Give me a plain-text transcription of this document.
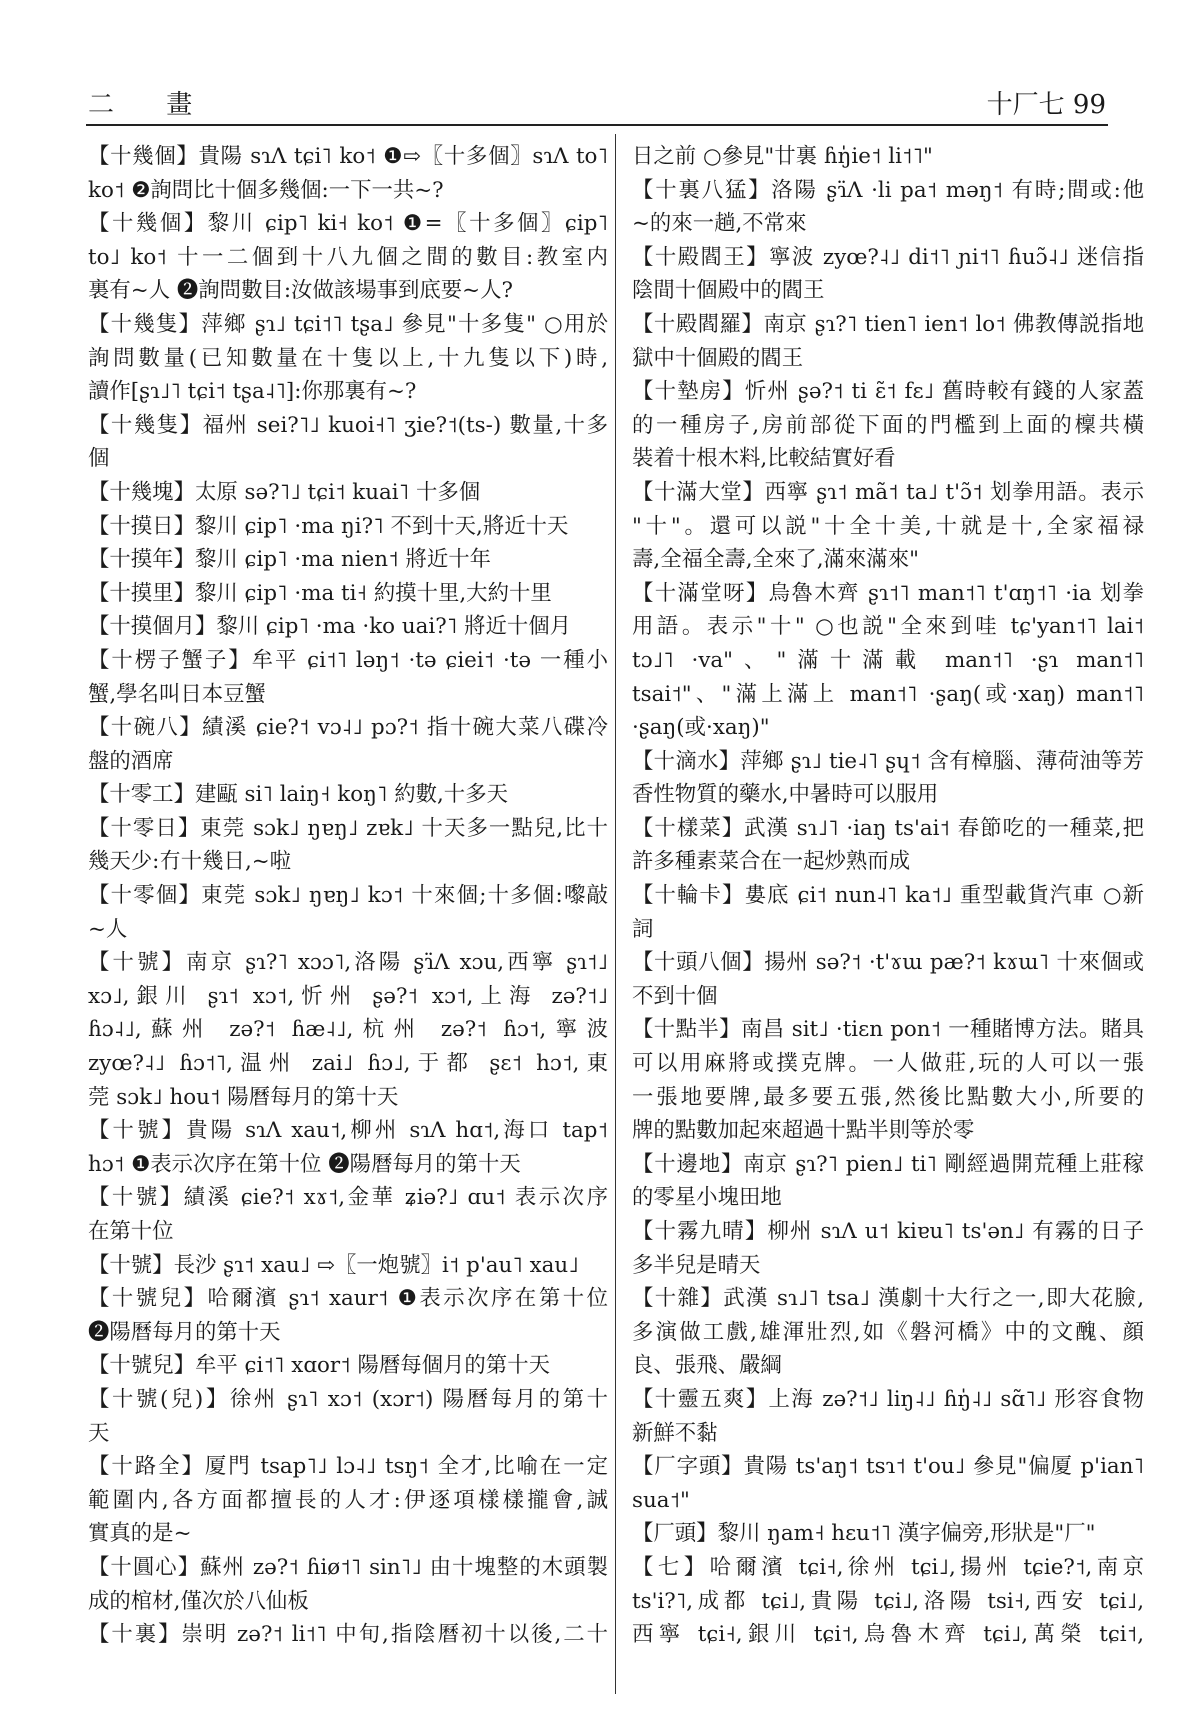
二 畫	十厂七 99
【十幾個】貴陽 sɿɅ tɕi˥ ko˦ ❶⇨〖十多個〗sɿɅ to˥
ko˦ ❷詢問比十個多幾個:一下一共~?
【十幾個】黎川 ɕip˥ ki˧ ko˦ ❶=〖十多個〗ɕip˥
to˩ ko˦ 十一二個到十八九個之間的數目:教室内
裏有~人 ❷詢問數目:汝做該場事到底要~人?
【十幾隻】萍鄉 ʂɿ˩ tɕi˦˥ tʂa˩ 參見"十多隻" ○用於
詢問數量(已知數量在十隻以上,十九隻以下)時,
讀作[ʂɿ˩˥ tɕi˦ tʂa˨˥]:你那裏有~?
【十幾隻】福州 sei?˥˩ kuoi˧˥ ʒie?˦(ts-) 數量,十多
個
【十幾塊】太原 sə?˥˩ tɕi˦ kuai˥ 十多個
【十摸日】黎川 ɕip˥ ·ma ŋi?˥ 不到十天,將近十天
【十摸年】黎川 ɕip˥ ·ma nien˦ 將近十年
【十摸里】黎川 ɕip˥ ·ma ti˧ 約摸十里,大約十里
【十摸個月】黎川 ɕip˥ ·ma ·ko uai?˥ 將近十個月
【十楞子蟹子】牟平 ɕi˦˥ ləŋ˦ ·tə ɕiei˦ ·tə 一種小
蟹,學名叫日本豆蟹
【十碗八】績溪 ɕie?˦ vɔ˨˩ pɔ?˦ 指十碗大菜八碟冷
盤的酒席
【十零工】建甌 si˥ laiŋ˧ koŋ˥ 約數,十多天
【十零日】東莞 sɔk˩ ŋɐŋ˩ zɐk˩ 十天多一點兒,比十
幾天少:冇十幾日,~啦
【十零個】東莞 sɔk˩ ŋɐŋ˩ kɔ˦ 十來個;十多個:嚟敲
~人
【十號】南京 ʂɿ?˥ xɔɔ˥,洛陽 ʂɿ̈Ʌ xɔu,西寧 ʂɿ˦˩
xɔ˩,銀川 ʂɿ˦ xɔ˦,忻州 ʂə?˦ xɔ˦,上海 zə?˦˩
ɦɔ˨˩,蘇州 zə?˦ ɦæ˨˩,杭州 zə?˦ ɦɔ˦,寧波
zyœ?˨˩ ɦɔ˦˥,温州 zai˩ ɦɔ˩,于都 ʂɛ˦ hɔ˦,東
莞 sɔk˩ hou˦ 陽曆每月的第十天
【十號】貴陽 sɿɅ xau˦,柳州 sɿɅ hɑ˦,海口 tap˦
hɔ˦ ❶表示次序在第十位 ❷陽曆每月的第十天
【十號】績溪 ɕie?˦ xɤ˦,金華 ʑiə?˩ ɑu˦ 表示次序
在第十位
【十號】長沙 ʂɿ˦ xau˩ ⇨〖一炮號〗i˦ p'au˥ xau˩
【十號兒】哈爾濱 ʂɿ˦ xaur˦ ❶表示次序在第十位
❷陽曆每月的第十天
【十號兒】牟平 ɕi˦˥ xɑor˦ 陽曆每個月的第十天
【十號(兒)】徐州 ʂɿ˥ xɔ˦ (xɔr˦) 陽曆每月的第十
天
【十路全】厦門 tsap˥˩ lɔ˨˩ tsŋ˦ 全才,比喻在一定
範圍内,各方面都擅長的人才:伊逐項樣樣攏會,誠
實真的是~
【十圓心】蘇州 zə?˦ ɦiø˦˥ sin˥˩ 由十塊整的木頭製
成的棺材,僅次於八仙板
【十裏】崇明 zə?˦ li˦˥ 中旬,指陰曆初十以後,二十
日之前 ○參見"廿裏 ɦŋ̍ie˦ li˦˥"
【十裏八猛】洛陽 ʂɿ̈Ʌ ·li pa˦ məŋ˦ 有時;間或:他
~的來一趟,不常來
【十殿閻王】寧波 zyœ?˨˩ di˦˥ ɲi˦˥ ɦuɔ̃˨˩ 迷信指
陰間十個殿中的閻王
【十殿閻羅】南京 ʂɿ?˥ tien˥ ien˦ lo˦ 佛教傳説指地
獄中十個殿的閻王
【十墊房】忻州 ʂə?˦ ti ɛ̃˦ fɛ˩ 舊時較有錢的人家蓋
的一種房子,房前部從下面的門檻到上面的檁共橫
裝着十根木料,比較結實好看
【十滿大堂】西寧 ʂɿ˦ mã˦ ta˩ t'ɔ̃˦ 划拳用語。表示
"十"。還可以説"十全十美,十就是十,全家福禄
壽,全福全壽,全來了,滿來滿來"
【十滿堂呀】烏魯木齊 ʂɿ˦˥ man˦˥ t'ɑŋ˦˥ ·ia 划拳
用語。表示"十" ○也説"全來到哇 tɕ'yan˦˥ lai˦
tɔ˩˥ ·va"、"滿十滿載 man˦˥ ·ʂɿ man˦˥
tsai˦"、"滿上滿上 man˦˥ ·ʂaŋ(或·xaŋ) man˦˥
·ʂaŋ(或·xaŋ)"
【十滴水】萍鄉 ʂɿ˩ tie˨˥ ʂɥ˦ 含有樟腦、薄荷油等芳
香性物質的藥水,中暑時可以服用
【十樣菜】武漢 sɿ˩˥ ·iaŋ ts'ai˦ 春節吃的一種菜,把
許多種素菜合在一起炒熟而成
【十輪卡】婁底 ɕi˦ nun˨˥ ka˦˩ 重型載貨汽車 ○新
詞
【十頭八個】揚州 sə?˦ ·t'ɤɯ pæ?˦ kɤɯ˥ 十來個或
不到十個
【十點半】南昌 sit˩ ·tiɛn pon˦ 一種賭博方法。賭具
可以用麻將或撲克牌。一人做莊,玩的人可以一張
一張地要牌,最多要五張,然後比點數大小,所要的
牌的點數加起來超過十點半則等於零
【十邊地】南京 ʂɿ?˥ pien˩ ti˥ 剛經過開荒種上莊稼
的零星小塊田地
【十霧九晴】柳州 sɿɅ u˦ kiɐu˥ ts'ən˩ 有霧的日子
多半兒是晴天
【十雜】武漢 sɿ˩˥ tsa˩ 漢劇十大行之一,即大花臉,
多演做工戲,雄渾壯烈,如《磐河橋》中的文醜、顔
良、張飛、嚴綱
【十靈五爽】上海 zə?˦˩ liŋ˨˩ ɦŋ̍˨˩ sɑ̃˥˩ 形容食物
新鮮不黏
【厂字頭】貴陽 ts'aŋ˦ tsɿ˦ t'ou˩ 參見"偏厦 p'ian˥
sua˦"
【厂頭】黎川 ŋam˧ hɛu˦˥ 漢字偏旁,形狀是"厂"
【七】哈爾濱 tɕi˧,徐州 tɕi˩,揚州 tɕie?˦,南京
ts'i?˥,成都 tɕi˩,貴陽 tɕi˩,洛陽 tsi˧,西安 tɕi˩,
西寧 tɕi˧,銀川 tɕi˦,烏魯木齊 tɕi˩,萬榮 tɕi˦,
